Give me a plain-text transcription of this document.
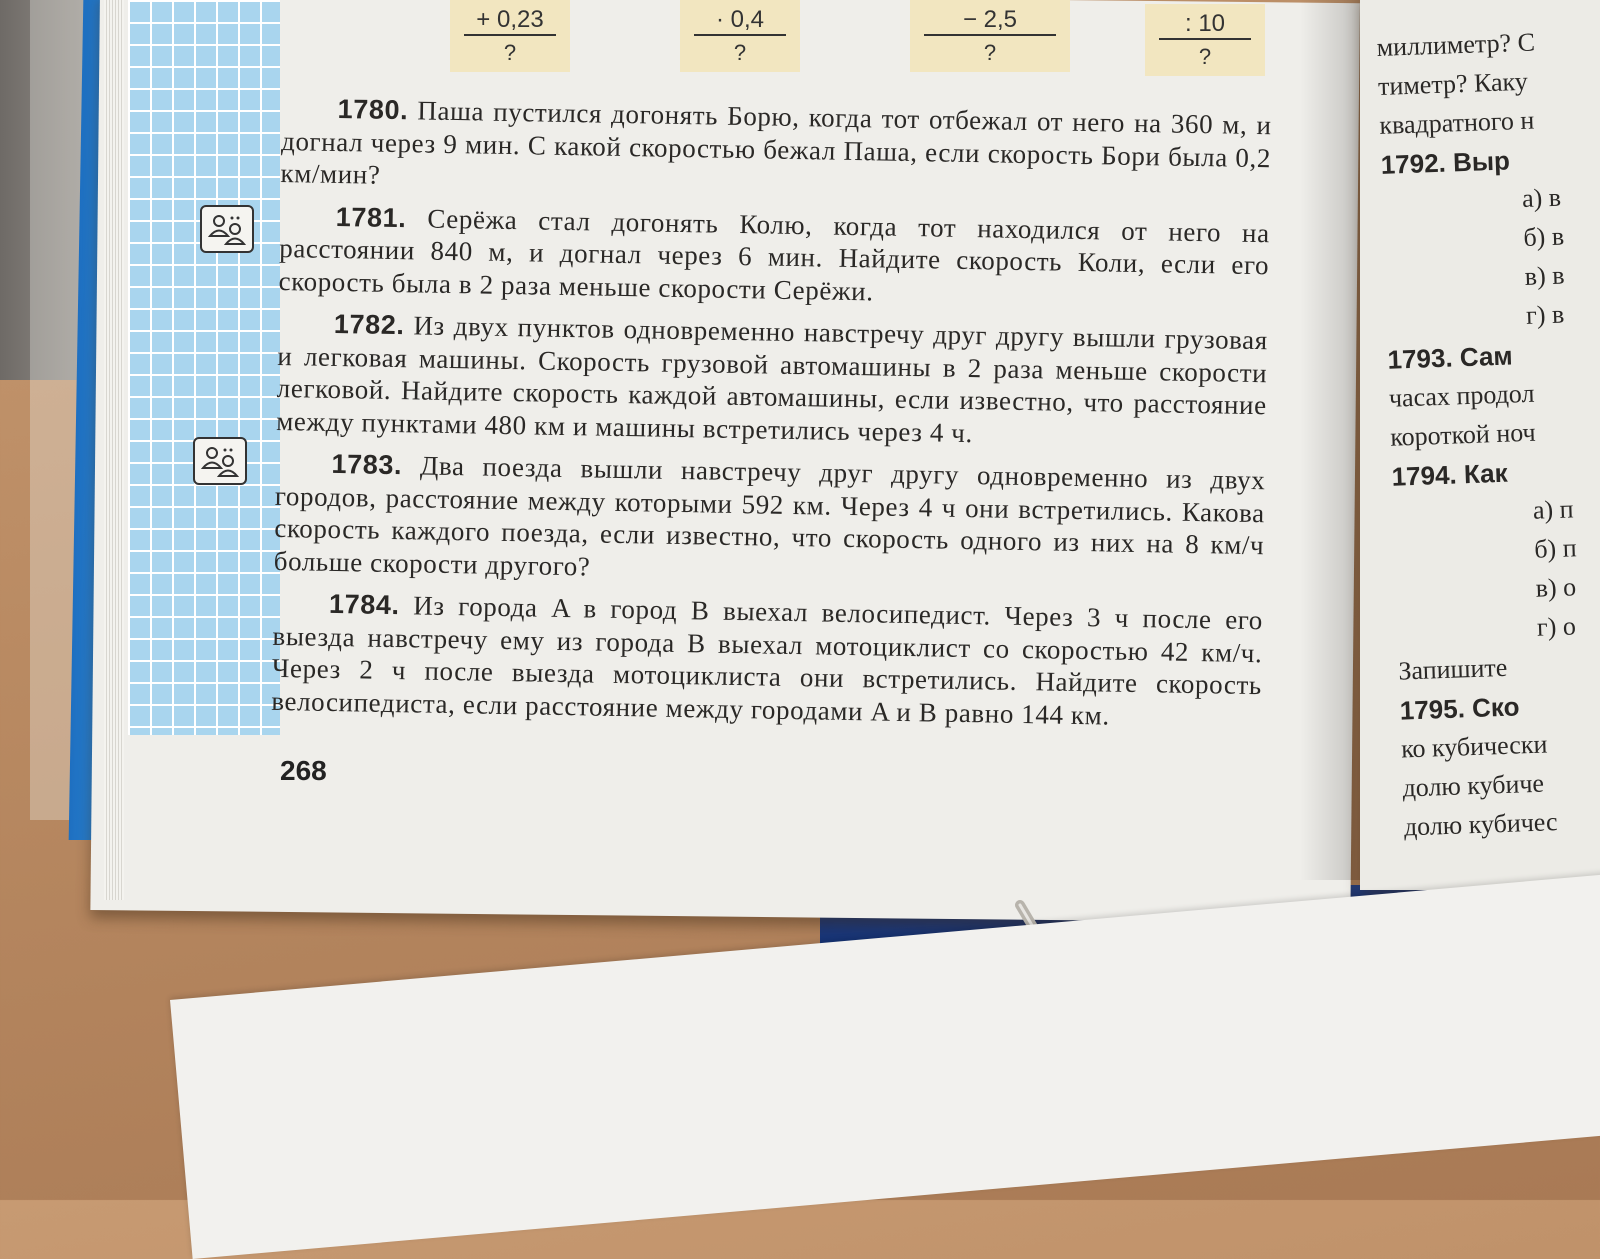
+ 0,23
?
· 0,4
?
− 2,5
?
: 10
?

1780. Паша пустился догонять Борю, когда тот отбежал от него на 360 м, и догнал через 9 мин. С какой скоростью бежал Паша, если скорость Бори была 0,2 км/мин?

1781. Серёжа стал догонять Колю, когда тот находился от него на расстоянии 840 м, и догнал через 6 мин. Найдите скорость Коли, если его скорость была в 2 раза меньше скорости Серёжи.

1782. Из двух пунктов одновременно навстречу друг другу вышли грузовая и легковая машины. Скорость грузовой автомашины в 2 раза меньше скорости легковой. Найдите скорость каждой автомашины, если известно, что расстояние между пунктами 480 км и машины встретились через 4 ч.

1783. Два поезда вышли навстречу друг другу одновременно из двух городов, расстояние между которыми 592 км. Через 4 ч они встретились. Какова скорость каждого поезда, если известно, что скорость одного из них на 8 км/ч больше скорости другого?

1784. Из города A в город B выехал велосипедист. Через 3 ч после его выезда навстречу ему из города B выехал мотоциклист со скоростью 42 км/ч. Через 2 ч после выезда мотоциклиста они встретились. Найдите скорость велосипедиста, если расстояние между городами A и B равно 144 км.

268
миллиметр? С
тиметр? Каку
квадратного н
1792. Выр
а) в
б) в
в) в
г) в
1793. Сам
часах продол
короткой ноч
1794. Как
а) п
б) п
в) о
г) о
Запишите
1795. Ско
ко кубически
долю кубиче
долю кубичес
